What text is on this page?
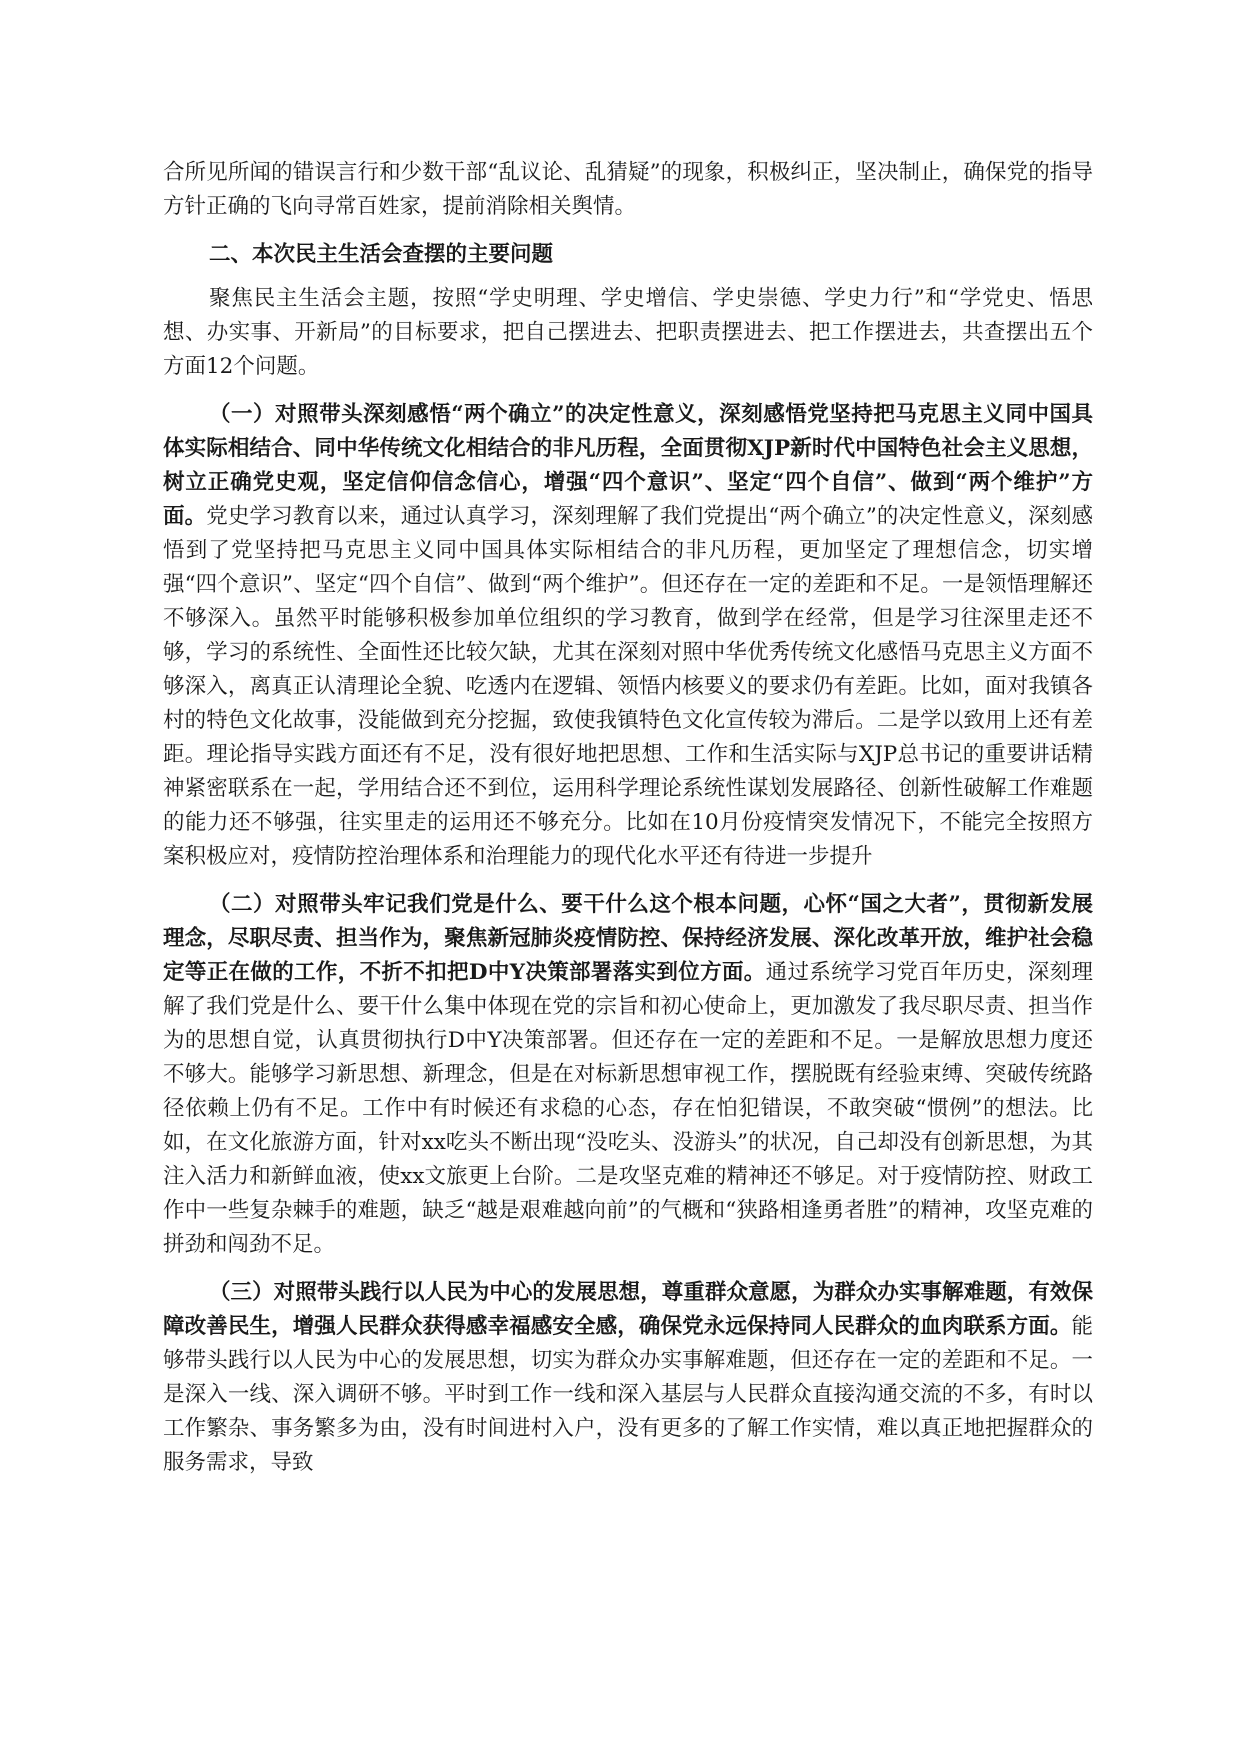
合所见所闻的错误言行和少数干部“乱议论、乱猜疑”的现象，积极纠正，坚决制止，确保党的指导方针正确的飞向寻常百姓家，提前消除相关舆情。

二、本次民主生活会查摆的主要问题

聚焦民主生活会主题，按照“学史明理、学史增信、学史崇德、学史力行”和“学党史、悟思想、办实事、开新局”的目标要求，把自己摆进去、把职责摆进去、把工作摆进去，共查摆出五个方面12个问题。

（一）对照带头深刻感悟“两个确立”的决定性意义，深刻感悟党坚持把马克思主义同中国具体实际相结合、同中华传统文化相结合的非凡历程，全面贯彻XJP新时代中国特色社会主义思想，树立正确党史观，坚定信仰信念信心，增强“四个意识”、坚定“四个自信”、做到“两个维护”方面。党史学习教育以来，通过认真学习，深刻理解了我们党提出“两个确立”的决定性意义，深刻感悟到了党坚持把马克思主义同中国具体实际相结合的非凡历程，更加坚定了理想信念，切实增强“四个意识”、坚定“四个自信”、做到“两个维护”。但还存在一定的差距和不足。一是领悟理解还不够深入。虽然平时能够积极参加单位组织的学习教育，做到学在经常，但是学习往深里走还不够，学习的系统性、全面性还比较欠缺，尤其在深刻对照中华优秀传统文化感悟马克思主义方面不够深入，离真正认清理论全貌、吃透内在逻辑、领悟内核要义的要求仍有差距。比如，面对我镇各村的特色文化故事，没能做到充分挖掘，致使我镇特色文化宣传较为滞后。二是学以致用上还有差距。理论指导实践方面还有不足，没有很好地把思想、工作和生活实际与XJP总书记的重要讲话精神紧密联系在一起，学用结合还不到位，运用科学理论系统性谋划发展路径、创新性破解工作难题的能力还不够强，往实里走的运用还不够充分。比如在10月份疫情突发情况下，不能完全按照方案积极应对，疫情防控治理体系和治理能力的现代化水平还有待进一步提升

（二）对照带头牢记我们党是什么、要干什么这个根本问题，心怀“国之大者”，贯彻新发展理念，尽职尽责、担当作为，聚焦新冠肺炎疫情防控、保持经济发展、深化改革开放，维护社会稳定等正在做的工作，不折不扣把D中Y决策部署落实到位方面。通过系统学习党百年历史，深刻理解了我们党是什么、要干什么集中体现在党的宗旨和初心使命上，更加激发了我尽职尽责、担当作为的思想自觉，认真贯彻执行D中Y决策部署。但还存在一定的差距和不足。一是解放思想力度还不够大。能够学习新思想、新理念，但是在对标新思想审视工作，摆脱既有经验束缚、突破传统路径依赖上仍有不足。工作中有时候还有求稳的心态，存在怕犯错误，不敢突破“惯例”的想法。比如，在文化旅游方面，针对xx吃头不断出现“没吃头、没游头”的状况，自己却没有创新思想，为其注入活力和新鲜血液，使xx文旅更上台阶。二是攻坚克难的精神还不够足。对于疫情防控、财政工作中一些复杂棘手的难题，缺乏“越是艰难越向前”的气概和“狭路相逢勇者胜”的精神，攻坚克难的拼劲和闯劲不足。

（三）对照带头践行以人民为中心的发展思想，尊重群众意愿，为群众办实事解难题，有效保障改善民生，增强人民群众获得感幸福感安全感，确保党永远保持同人民群众的血肉联系方面。能够带头践行以人民为中心的发展思想，切实为群众办实事解难题，但还存在一定的差距和不足。一是深入一线、深入调研不够。平时到工作一线和深入基层与人民群众直接沟通交流的不多，有时以工作繁杂、事务繁多为由，没有时间进村入户，没有更多的了解工作实情，难以真正地把握群众的服务需求，导致
